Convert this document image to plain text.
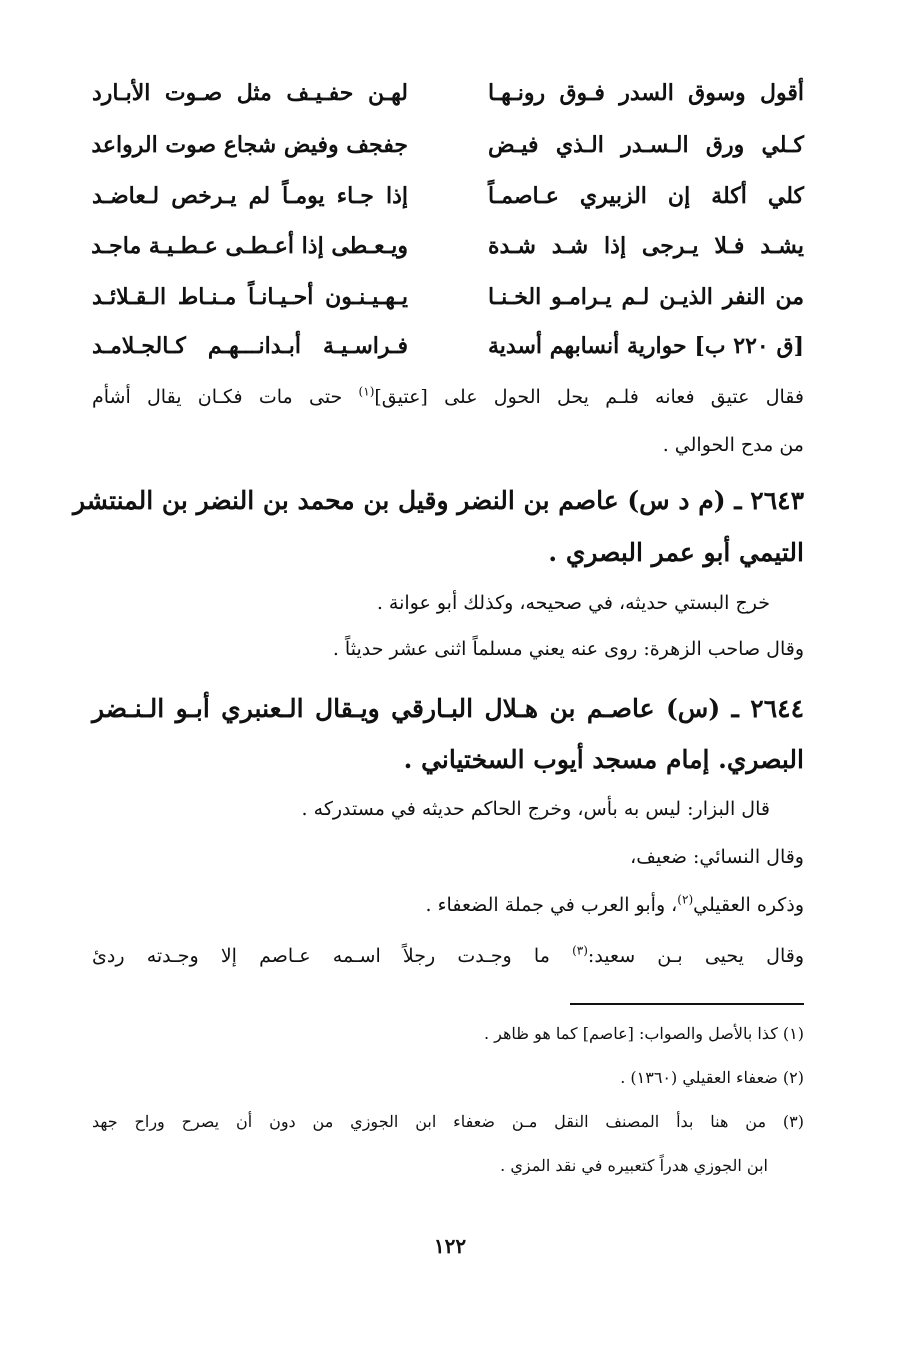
أقول وسوق السدر فـوق رونـهـا
لهـن حفـيـف مثل صـوت الأبـارد
كـلي ورق الـسـدر الـذي فيـض
جفجف وفيض شجاع صوت الرواعد
كلي أكلة إن الزبيري عـاصمـاً
إذا جـاء يومـاً لم يـرخص لـعاضـد
يشـد فـلا يـرجى إذا شـد شـدة
ويـعـطى إذا أعـطـى عـطـيـة ماجـد
من النفر الذيـن لـم يـرامـو الخـنـا
يـهـيـنـون أحـيـانـاً مـنـاط الـقـلائـد
[ق ٢٢٠ ب] حوارية أنسابهم أسدية
فـراسـيـة أبـدانـــهـم كـالجـلامـد
فقال عتيق فعانه فلـم يحل الحول على [عتيق]$^{(١)}$ حتى مات فكـان يقال أشأم
من مدح الحوالي .
٢٦٤٣ ـ (م د س) عاصم بن النضر وقيل بن محمد بن النضر بن المنتشر
التيمي أبو عمر البصري .
خرج البستي حديثه، في صحيحه، وكذلك أبو عوانة .
وقال صاحب الزهرة: روى عنه يعني مسلماً اثنى عشر حديثاً .
٢٦٤٤ ـ (س) عاصـم بن هـلال البـارقي ويـقال الـعنبري أبـو الـنـضر
البصري. إمام مسجد أيوب السختياني .
قال البزار: ليس به بأس، وخرج الحاكم حديثه في مستدركه .
وقال النسائي: ضعيف،
وذكره العقيلي$^{(٢)}$، وأبو العرب في جملة الضعفاء .
وقال يحيى بـن سعيد:$^{(٣)}$ ما وجـدت رجلاً اسـمه عـاصم إلا وجـدته ردئ
(١) كذا بالأصل والصواب: [عاصم] كما هو ظاهر .
(٢) ضعفاء العقيلي (١٣٦٠) .
(٣) من هنا بدأ المصنف النقل مـن ضعفاء ابن الجوزي من دون أن يصرح وراح جهد
ابن الجوزي هدراً كتعبيره في نقد المزي .
١٢٢
